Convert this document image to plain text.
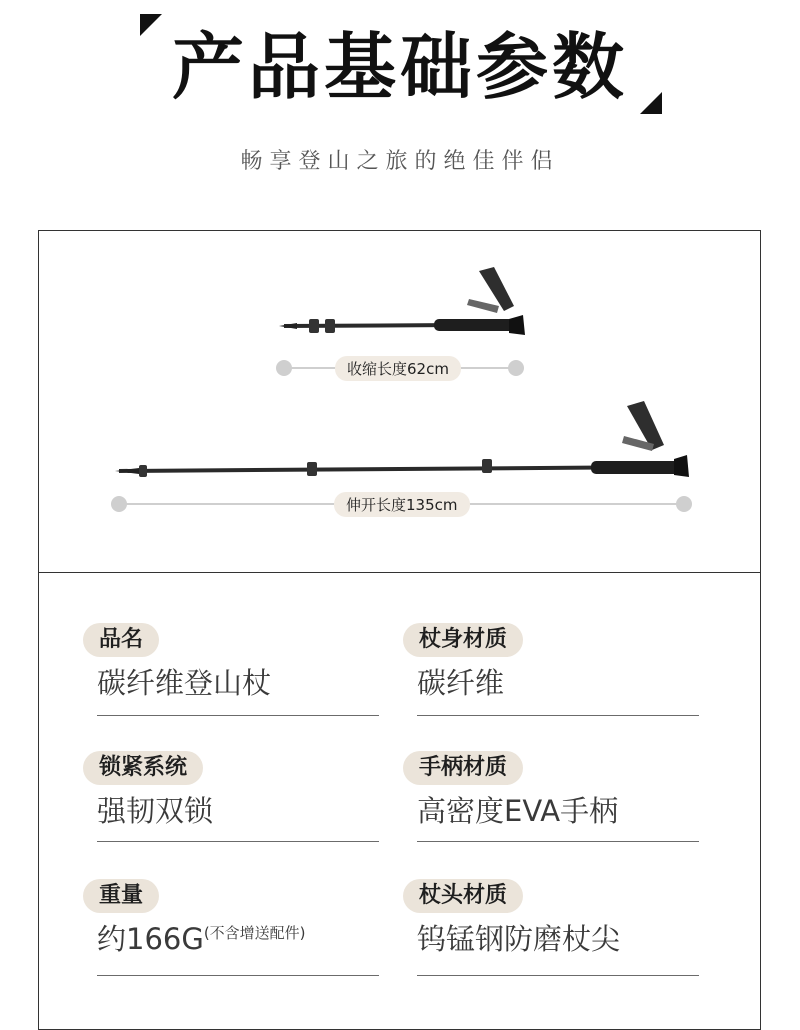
产品基础参数
畅享登山之旅的绝佳伴侣
收缩长度62cm
伸开长度135cm
品名
碳纤维登山杖
杖身材质
碳纤维
锁紧系统
强韧双锁
手柄材质
高密度EVA手柄
重量
约166G$^{(不含增送配件)}$
杖头材质
钨锰钢防磨杖尖
